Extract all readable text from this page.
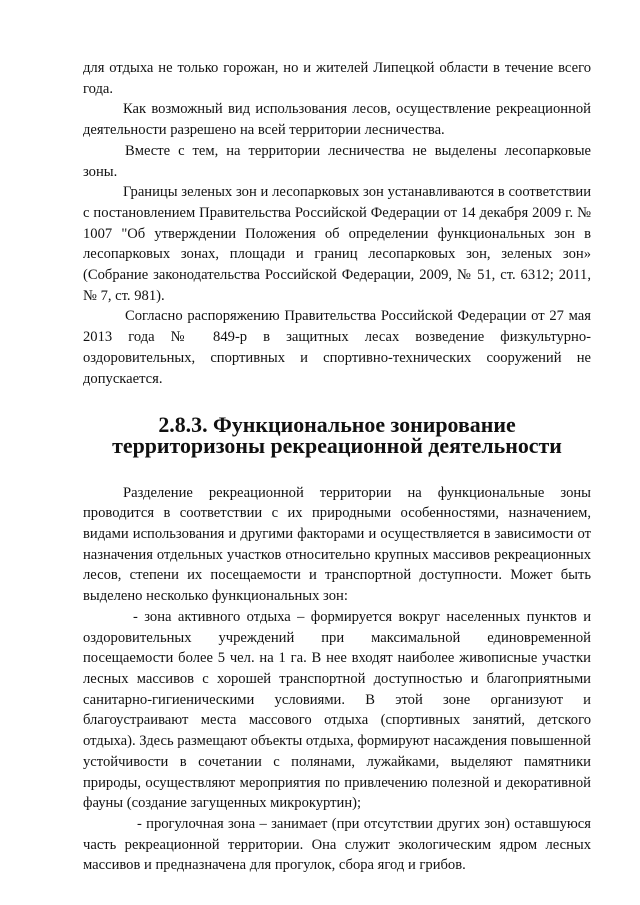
для отдыха не только горожан, но и жителей Липецкой области в течение всего года.

Как возможный вид использования лесов, осуществление рекреационной деятельности разрешено на всей территории лесничества.

Вместе с тем, на территории лесничества не выделены лесопарковые зоны.

Границы зеленых зон и лесопарковых зон устанавливаются в соответствии с постановлением Правительства Российской Федерации от 14 декабря 2009 г. № 1007 "Об утверждении Положения об определении функциональных зон в лесопарковых зонах, площади и границ лесопарковых зон, зеленых зон» (Собрание законодательства Российской Федерации, 2009, № 51, ст. 6312; 2011, № 7, ст. 981).

Согласно распоряжению Правительства Российской Федерации от 27 мая 2013 года № 849-р в защитных лесах возведение физкультурно-оздоровительных, спортивных и спортивно-технических сооружений не допускается.

2.8.3. Функциональное зонирование территоризоны рекреационной деятельности

Разделение рекреационной территории на функциональные зоны проводится в соответствии с их природными особенностями, назначением, видами использования и другими факторами и осуществляется в зависимости от назначения отдельных участков относительно крупных массивов рекреационных лесов, степени их посещаемости и транспортной доступности. Может быть выделено несколько функциональных зон:

- зона активного отдыха – формируется вокруг населенных пунктов и оздоровительных учреждений при максимальной единовременной посещаемости более 5 чел. на 1 га. В нее входят наиболее живописные участки лесных массивов с хорошей транспортной доступностью и благоприятными санитарно-гигиеническими условиями. В этой зоне организуют и благоустраивают места массового отдыха (спортивных занятий, детского отдыха). Здесь размещают объекты отдыха, формируют насаждения повышенной устойчивости в сочетании с полянами, лужайками, выделяют памятники природы, осуществляют мероприятия по привлечению полезной и декоративной фауны (создание загущенных микрокуртин);

- прогулочная зона – занимает (при отсутствии других зон) оставшуюся часть рекреационной территории. Она служит экологическим ядром лесных массивов и предназначена для прогулок, сбора ягод и грибов.
